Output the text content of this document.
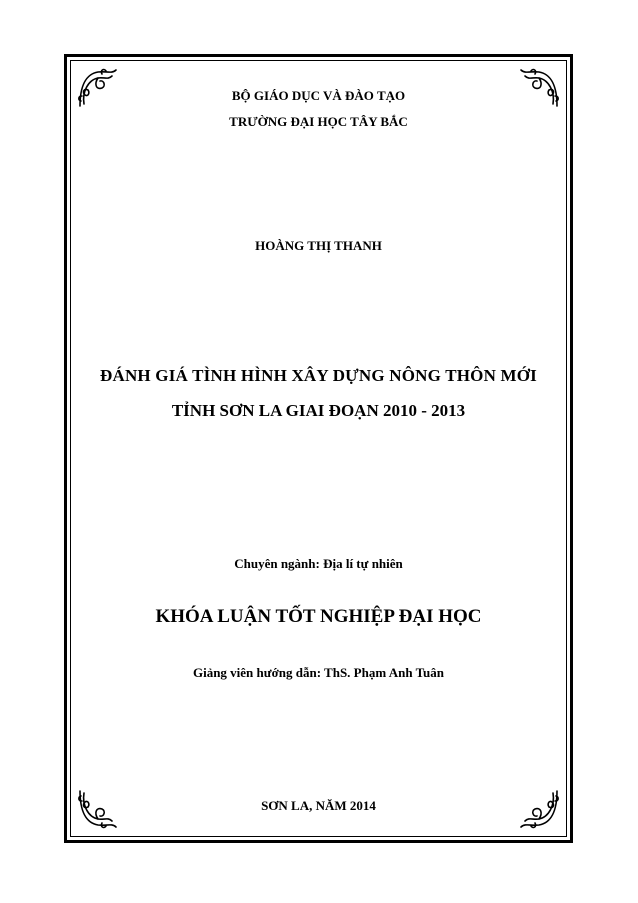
BỘ GIÁO DỤC VÀ ĐÀO TẠO
TRƯỜNG ĐẠI HỌC TÂY BẮC
HOÀNG THỊ THANH
ĐÁNH GIÁ TÌNH HÌNH XÂY DỰNG NÔNG THÔN MỚI
TỈNH SƠN LA GIAI ĐOẠN 2010 - 2013
Chuyên ngành: Địa lí tự nhiên
KHÓA LUẬN TỐT NGHIỆP ĐẠI HỌC
Giảng viên hướng dẫn: ThS. Phạm Anh Tuân
SƠN LA, NĂM 2014
